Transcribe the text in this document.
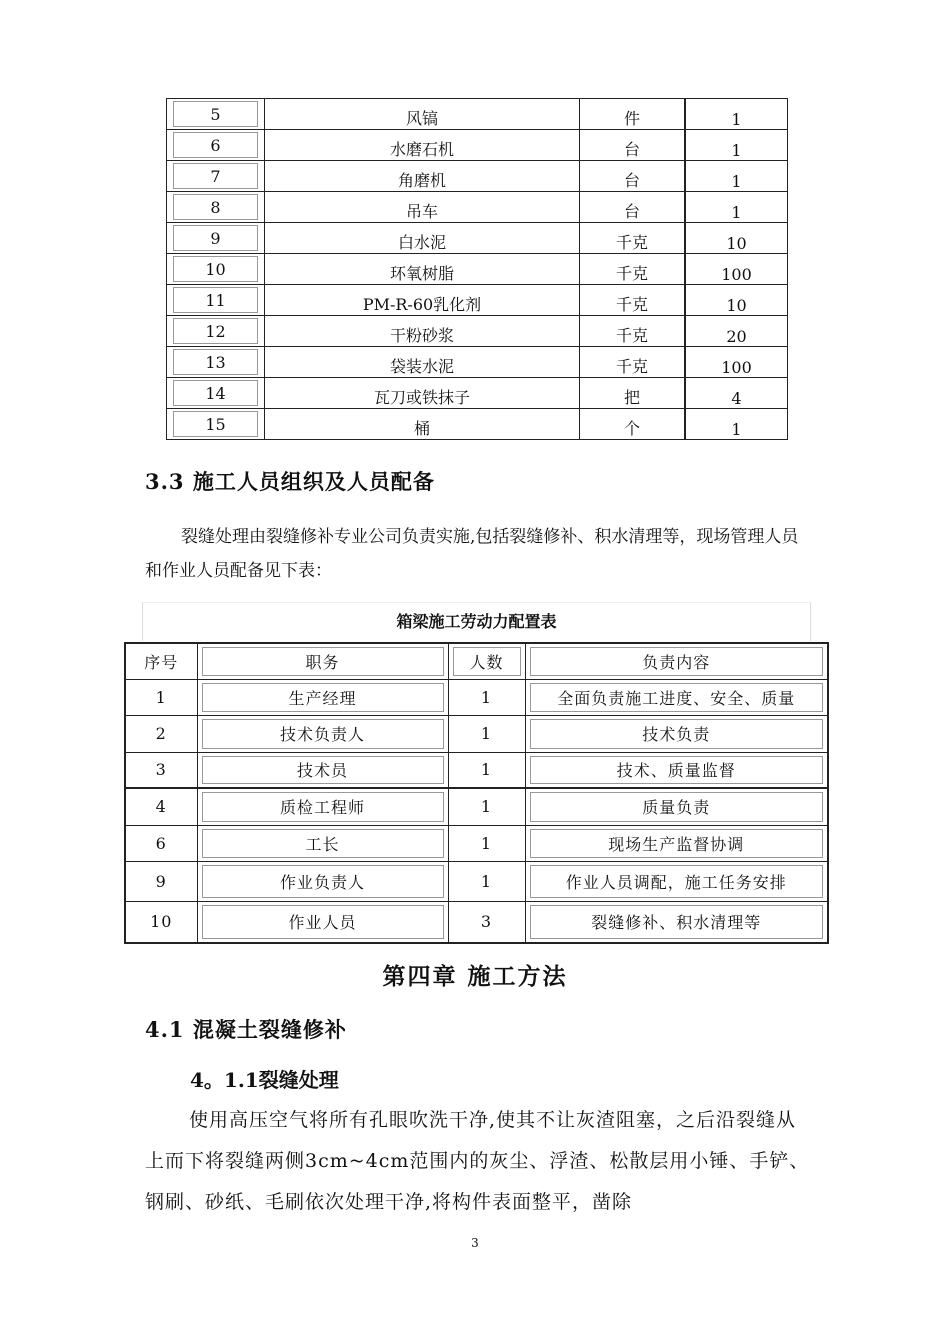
5	风镐	件	1

6	水磨石机	台	1

7	角磨机	台	1

8	吊车	台	1

9	白水泥	千克	10

10	环氧树脂	千克	100

11	PM-R-60乳化剂	千克	10

12	干粉砂浆	千克	20

13	袋装水泥	千克	100

14	瓦刀或铁抹子	把	4

15	桶	个	1
3.3 施工人员组织及人员配备
裂缝处理由裂缝修补专业公司负责实施,包括裂缝修补、积水清理等，现场管理人员和作业人员配备见下表：
箱梁施工劳动力配置表
序号	职务	人数	负责内容

1	生产经理	1	全面负责施工进度、安全、质量

2	技术负责人	1	技术负责

3	技术员	1	技术、质量监督

4	质检工程师	1	质量负责

6	工长	1	现场生产监督协调

9	作业负责人	1	作业人员调配，施工任务安排

10	作业人员	3	裂缝修补、积水清理等
第四章 施工方法
4.1 混凝土裂缝修补
4。1.1裂缝处理
使用高压空气将所有孔眼吹洗干净,使其不让灰渣阻塞，之后沿裂缝从上而下将裂缝两侧3cm~4cm范围内的灰尘、浮渣、松散层用小锤、手铲、钢刷、砂纸、毛刷依次处理干净,将构件表面整平，凿除
3
